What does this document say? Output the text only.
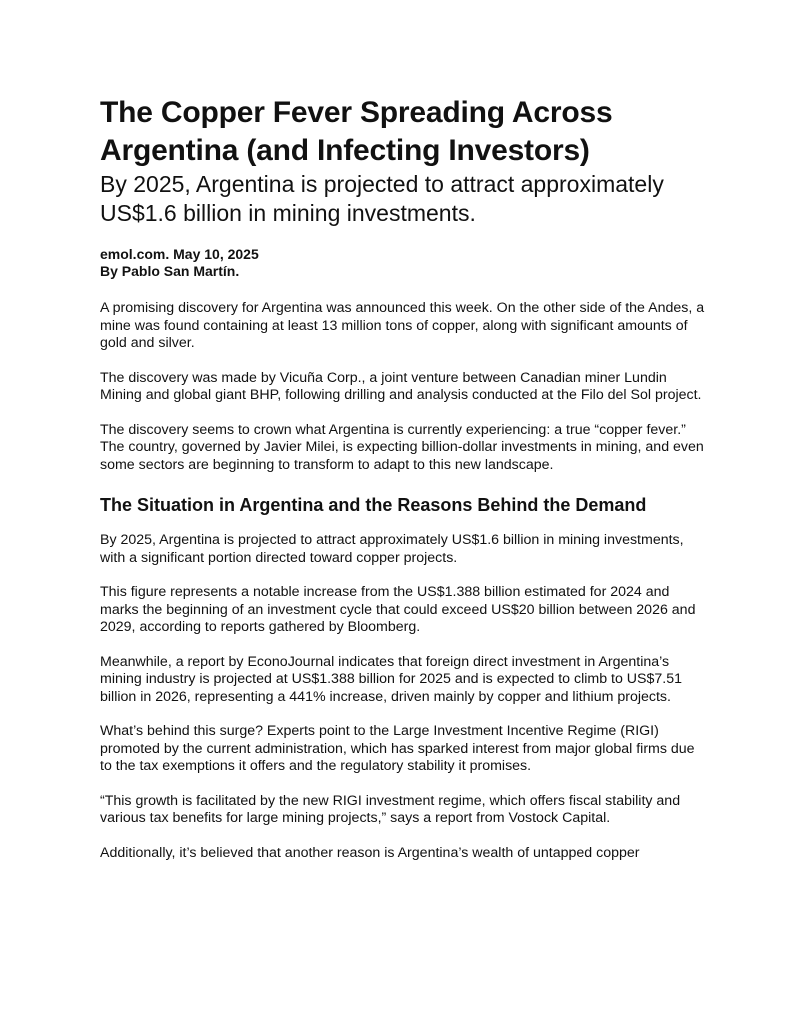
The Copper Fever Spreading Across Argentina (and Infecting Investors)

By 2025, Argentina is projected to attract approximately US$1.6 billion in mining investments.

emol.com. May 10, 2025
By Pablo San Martín.

A promising discovery for Argentina was announced this week. On the other side of the Andes, a mine was found containing at least 13 million tons of copper, along with significant amounts of gold and silver.

The discovery was made by Vicuña Corp., a joint venture between Canadian miner Lundin Mining and global giant BHP, following drilling and analysis conducted at the Filo del Sol project.

The discovery seems to crown what Argentina is currently experiencing: a true “copper fever.” The country, governed by Javier Milei, is expecting billion-dollar investments in mining, and even some sectors are beginning to transform to adapt to this new landscape.

The Situation in Argentina and the Reasons Behind the Demand

By 2025, Argentina is projected to attract approximately US$1.6 billion in mining investments, with a significant portion directed toward copper projects.

This figure represents a notable increase from the US$1.388 billion estimated for 2024 and marks the beginning of an investment cycle that could exceed US$20 billion between 2026 and 2029, according to reports gathered by Bloomberg.

Meanwhile, a report by EconoJournal indicates that foreign direct investment in Argentina’s mining industry is projected at US$1.388 billion for 2025 and is expected to climb to US$7.51 billion in 2026, representing a 441% increase, driven mainly by copper and lithium projects.

What’s behind this surge? Experts point to the Large Investment Incentive Regime (RIGI) promoted by the current administration, which has sparked interest from major global firms due to the tax exemptions it offers and the regulatory stability it promises.

“This growth is facilitated by the new RIGI investment regime, which offers fiscal stability and various tax benefits for large mining projects,” says a report from Vostock Capital.

Additionally, it’s believed that another reason is Argentina’s wealth of untapped copper
